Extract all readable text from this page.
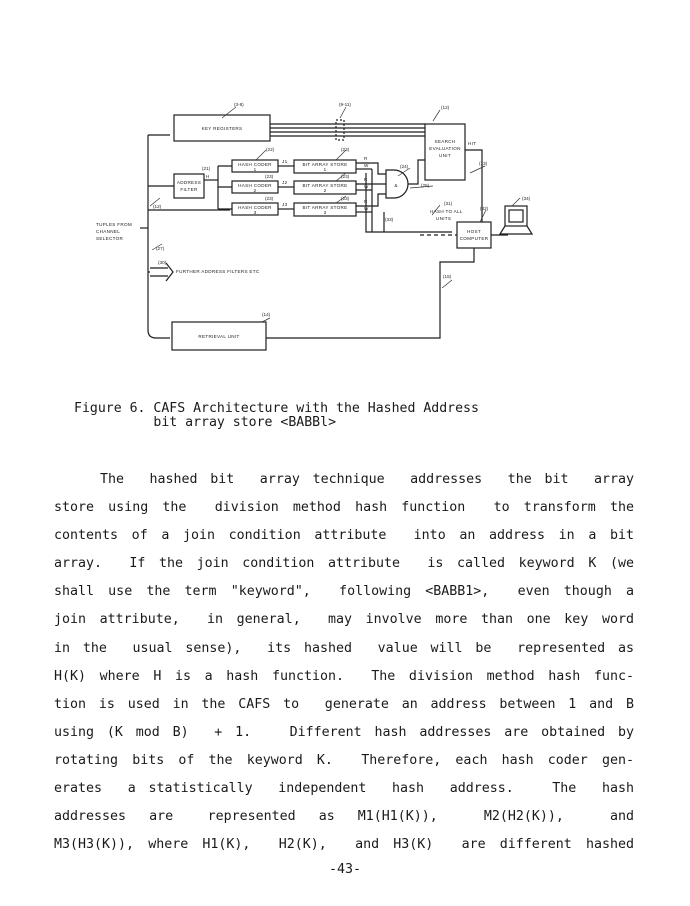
KEY REGISTERS
ADDRESS
FILTER
HASH CODER
1
HASH CODER
2
HASH CODER
3
BIT ARRAY STORE
1
BIT ARRAY STORE
2
BIT ARRAY STORE
3
SEARCH
EVALUATION
UNIT
HOST
COMPUTER
RETRIEVAL UNIT
&
TUPLES FROM
CHANNEL
SELECTOR
HIT
HASH TO ALL
UNITS
FURTHER ADDRESS FILTERS ETC
H
J1
J2
J3
R
W
R
W
R
W
(3-8)	(9-11)
(12)
(13)
(12)
(21)
(22)	(23)
(23)	(23)
(23)	(23)
(24)
(25)
(27)
(30)
(31)
(33)
(32)
(34)
(15)
(14)
Figure 6. CAFS Architecture with the Hashed Address
bit array store <BABBl>
The  hashed bit  array technique  addresses  the bit  array
store using the  division method hash function  to transform the
contents of a join condition attribute  into an address in a bit
array.  If the join condition attribute  is called keyword K (we
shall use the term "keyword",  following <BABB1>,  even though a
join attribute,  in general,  may involve more than one key word
in the  usual sense),  its hashed  value will be  represented as
H(K) where H is a hash function.  The division method hash func-
tion is used in the CAFS to  generate an address between 1 and B
using (K mod B)  + 1.   Different hash addresses are obtained by
rotating bits of the keyword K.  Therefore, each hash coder gen-
erates  a statistically  independent  hash  address.   The  hash
addresses  are   represented  as  M1(H1(K)),    M2(H2(K)),    and
M3(H3(K)), where H1(K),  H2(K),  and H3(K)  are different hashed
-43-
